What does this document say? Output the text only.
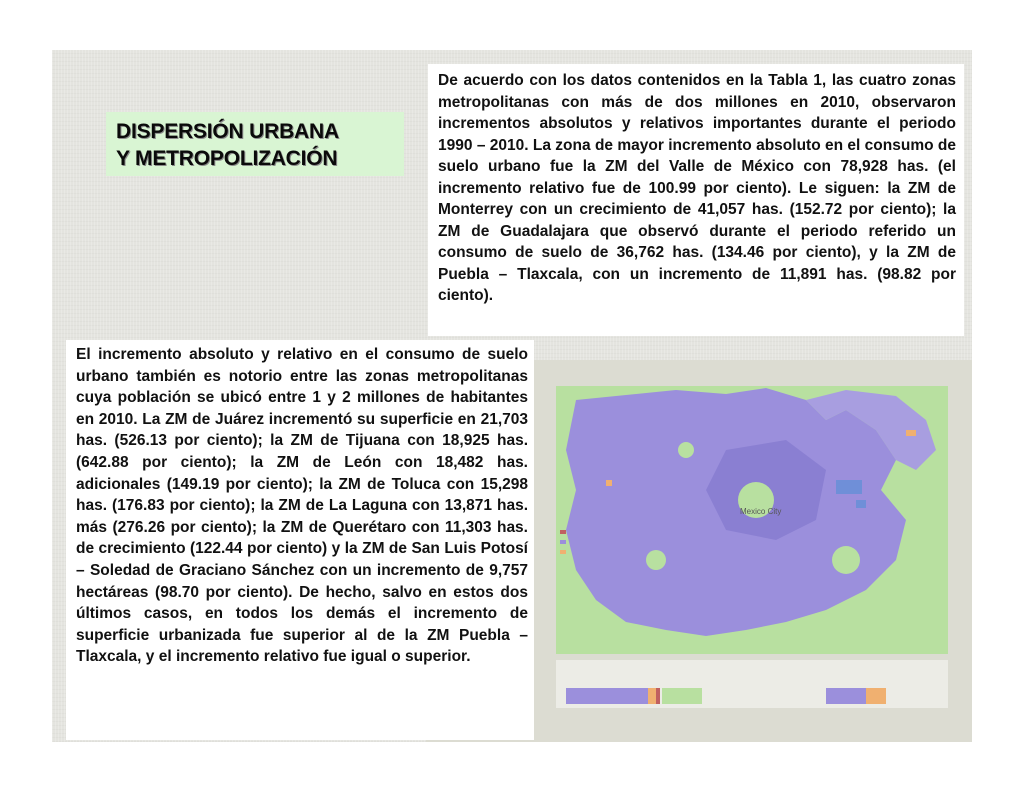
DISPERSIÓN URBANA
Y METROPOLIZACIÓN
De acuerdo con los datos contenidos en la Tabla 1, las cuatro zonas metropolitanas con más de dos millones en 2010, observaron incrementos absolutos y relativos importantes durante el periodo 1990 – 2010. La zona de mayor incremento absoluto en el consumo de suelo urbano fue la ZM del Valle de México con 78,928 has. (el incremento relativo fue de 100.99 por ciento). Le siguen: la ZM de Monterrey con un crecimiento de 41,057 has. (152.72 por ciento); la ZM de Guadalajara que observó durante el periodo referido un consumo de suelo de 36,762 has. (134.46 por ciento), y la ZM de Puebla – Tlaxcala, con un incremento de 11,891 has. (98.82 por ciento).
Mexico City
El incremento absoluto y relativo en el consumo de suelo urbano también es notorio entre las zonas metropolitanas cuya población se ubicó entre 1 y 2 millones de habitantes en 2010. La ZM de Juárez incrementó su superficie en 21,703 has. (526.13 por ciento); la ZM de Tijuana con 18,925 has. (642.88 por ciento); la ZM de León con 18,482 has. adicionales (149.19 por ciento); la ZM de Toluca con 15,298 has. (176.83 por ciento); la ZM de La Laguna con 13,871 has. más (276.26 por ciento); la ZM de Querétaro con 11,303 has. de crecimiento (122.44 por ciento) y la ZM de San Luis Potosí – Soledad de Graciano Sánchez con un incremento de 9,757 hectáreas (98.70 por ciento). De hecho, salvo en estos dos últimos casos, en todos los demás el incremento de superficie urbanizada fue superior al de la ZM Puebla – Tlaxcala, y el incremento relativo fue igual o superior.
